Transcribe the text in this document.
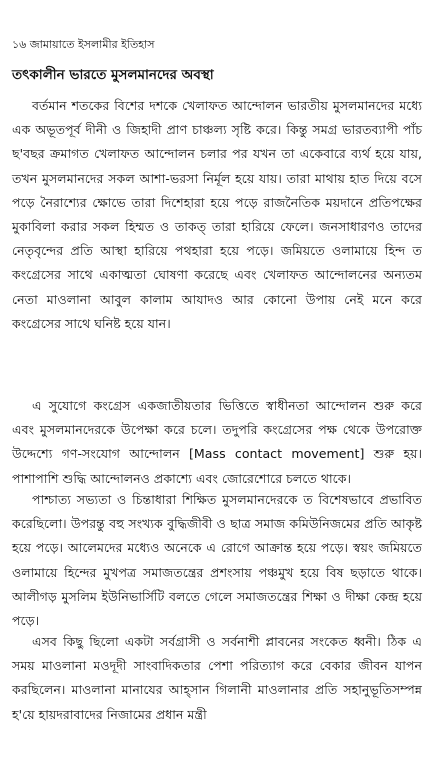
১৬ জামায়াতে ইসলামীর ইতিহাস
তৎকালীন ভারতে মুসলমানদের অবস্থা

বর্তমান শতকের বিশের দশকে খেলাফত আন্দোলন ভারতীয় মুসলমানদের মধ্যে এক অভূতপূর্ব দীনী ও জিহাদী প্রাণ চাঞ্চল্য সৃষ্টি করে। কিন্তু সমগ্র ভারতব্যাপী পাঁচ ছ'বছর ক্রমাগত খেলাফত আন্দোলন চলার পর যখন তা একেবারে ব্যর্থ হয়ে যায়, তখন মুসলমানদের সকল আশা-ভরসা নির্মূল হয়ে যায়। তারা মাথায় হাত দিয়ে বসে পড়ে নৈরাশ্যের ক্ষোভে তারা দিশেহারা হয়ে পড়ে রাজনৈতিক ময়দানে প্রতিপক্ষের মুকাবিলা করার সকল হিম্মত ও তাকত্‌ তারা হারিয়ে ফেলে। জনসাধারণও তাদের নেতৃবৃন্দের প্রতি আস্থা হারিয়ে পথহারা হয়ে পড়ে। জমিয়তে ওলামায়ে হিন্দ ত কংগ্রেসের সাথে একাত্মতা ঘোষণা করেছে এবং খেলাফত আন্দোলনের অন্যতম নেতা মাওলানা আবুল কালাম আযাদও আর কোনো উপায় নেই মনে করে কংগ্রেসের সাথে ঘনিষ্ট হয়ে যান।

এ সুযোগে কংগ্রেস একজাতীয়তার ভিত্তিতে স্বাধীনতা আন্দোলন শুরু করে এবং মুসলমানদেরকে উপেক্ষা করে চলে। তদুপরি কংগ্রেসের পক্ষ থেকে উপরোক্ত উদ্দেশ্যে গণ-সংযোগ আন্দোলন [Mass contact movement] শুরু হয়। পাশাপাশি শুদ্ধি আন্দোলনও প্রকাশ্যে এবং জোরেশোরে চলতে থাকে।

পাশ্চাত্য সভ্যতা ও চিন্তাধারা শিক্ষিত মুসলমানদেরকে ত বিশেষভাবে প্রভাবিত করেছিলো। উপরন্তু বহু সংখ্যক বুদ্ধিজীবী ও ছাত্র সমাজ কমিউনিজমের প্রতি আকৃষ্ট হয়ে পড়ে। আলেমদের মধ্যেও অনেকে এ রোগে আক্রান্ত হয়ে পড়ে। স্বয়ং জমিয়তে ওলামায়ে হিন্দের মুখপত্র সমাজতন্ত্রের প্রশংসায় পঞ্চমুখ হয়ে বিষ ছড়াতে থাকে। আলীগড় মুসলিম ইউনিভার্সিটি বলতে গেলে সমাজতন্ত্রের শিক্ষা ও দীক্ষা কেন্দ্র হয়ে পড়ে।

এসব কিছু ছিলো একটা সর্বগ্রাসী ও সর্বনাশী প্লাবনের সংকেত ধ্বনী। ঠিক এ সময় মাওলানা মওদূদী সাংবাদিকতার পেশা পরিত্যাগ করে বেকার জীবন যাপন করছিলেন। মাওলানা মানাযের আহ্‌সান গিলানী মাওলানার প্রতি সহানুভূতিসম্পন্ন হ'য়ে হায়দরাবাদের নিজামের প্রধান মন্ত্রী
